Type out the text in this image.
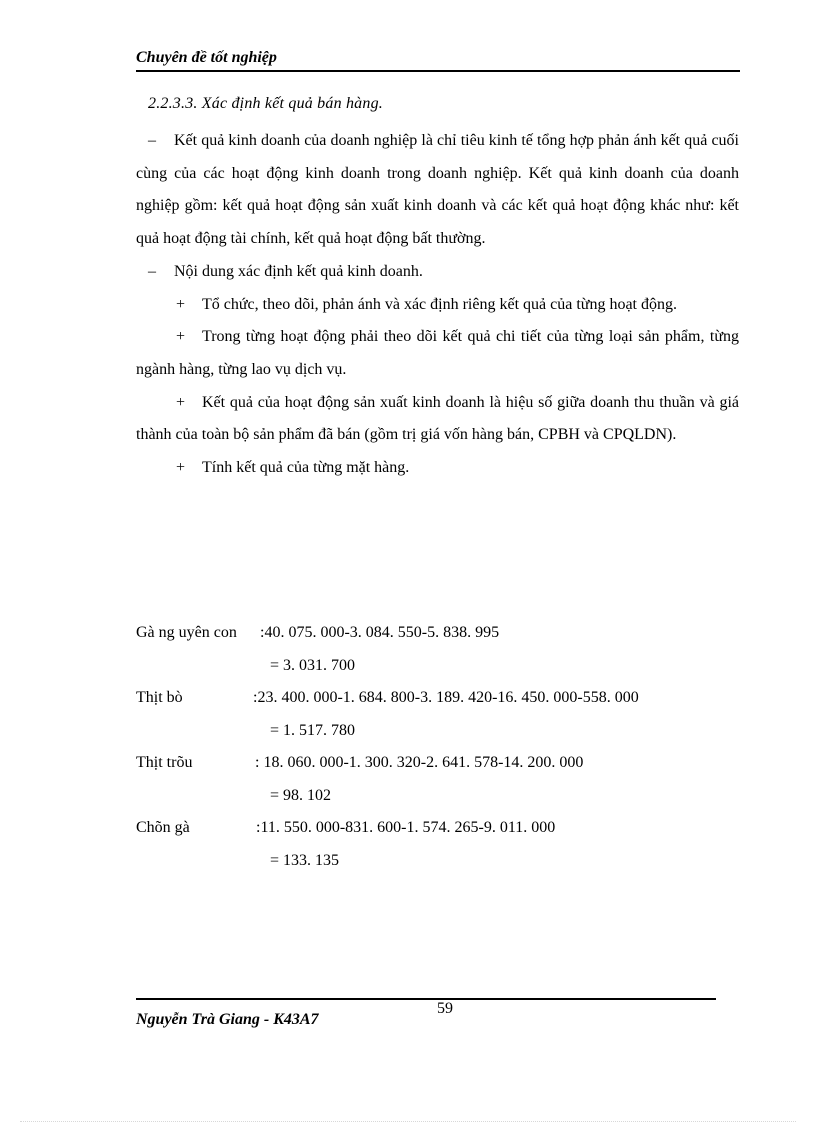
Chuyên đề tốt nghiệp
2.2.3.3. Xác định kết quả bán hàng.

– Kết quả kinh doanh của doanh nghiệp là chỉ tiêu kinh tế tổng hợp phản ánh kết quả cuối cùng của các hoạt động kinh doanh trong doanh nghiệp. Kết quả kinh doanh của doanh nghiệp gồm: kết quả hoạt động sản xuất kinh doanh và các kết quả hoạt động khác như: kết quả hoạt động tài chính, kết quả hoạt động bất thường.

– Nội dung xác định kết quả kinh doanh.

+ Tổ chức, theo dõi, phản ánh và xác định riêng kết quả của từng hoạt động.

+ Trong từng hoạt động phải theo dõi kết quả chi tiết của từng loại sản phẩm, từng ngành hàng, từng lao vụ dịch vụ.

+ Kết quả của hoạt động sản xuất kinh doanh là hiệu số giữa doanh thu thuần và giá thành của toàn bộ sản phẩm đã bán (gồm trị giá vốn hàng bán, CPBH và CPQLDN).

+ Tính kết quả của từng mặt hàng.

Gà ng uyên con :40. 075. 000-3. 084. 550-5. 838. 995
= 3. 031. 700
Thịt bò	:23. 400. 000-1. 684. 800-3. 189. 420-16. 450. 000-558. 000
= 1. 517. 780
Thịt trõu	: 18. 060. 000-1. 300. 320-2. 641. 578-14. 200. 000
= 98. 102
Chõn gà	:11. 550. 000-831. 600-1. 574. 265-9. 011. 000
= 133. 135
59
Nguyễn Trà Giang - K43A7
